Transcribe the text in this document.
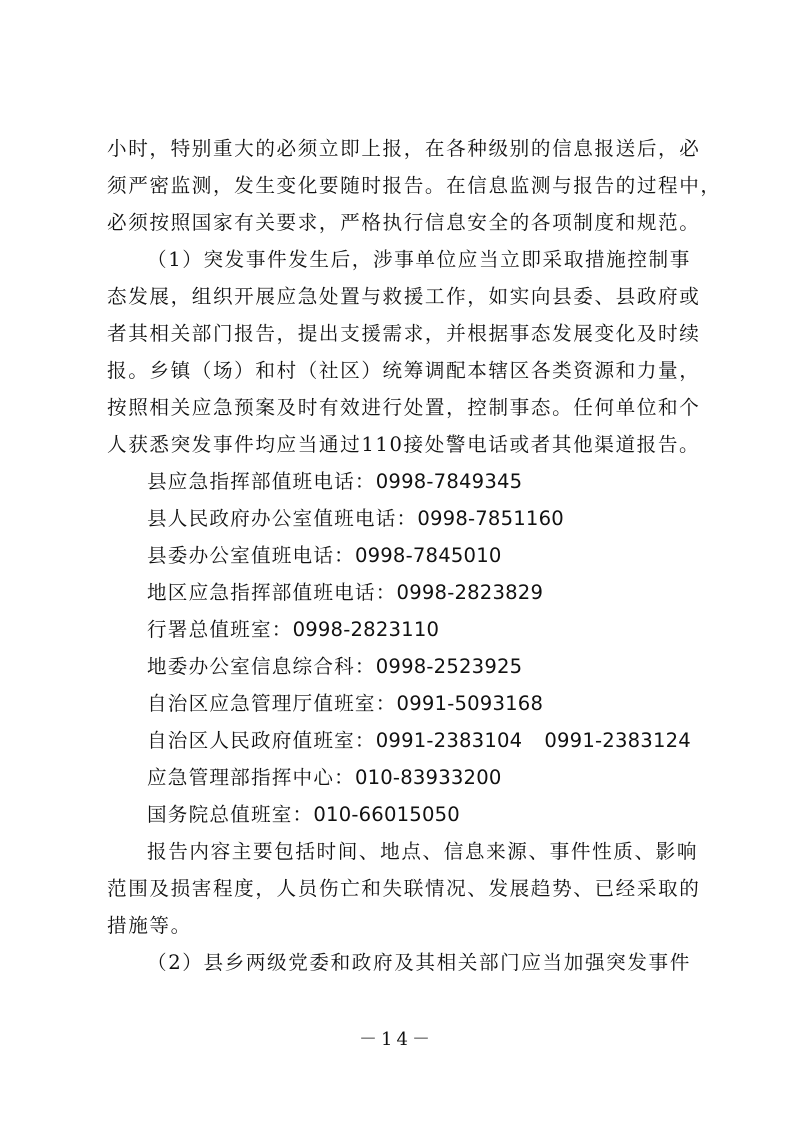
小时，特别重大的必须立即上报，在各种级别的信息报送后，必
须严密监测，发生变化要随时报告。在信息监测与报告的过程中，
必须按照国家有关要求，严格执行信息安全的各项制度和规范。

（1）突发事件发生后，涉事单位应当立即采取措施控制事
态发展，组织开展应急处置与救援工作，如实向县委、县政府或
者其相关部门报告，提出支援需求，并根据事态发展变化及时续
报。乡镇（场）和村（社区）统筹调配本辖区各类资源和力量，
按照相关应急预案及时有效进行处置，控制事态。任何单位和个
人获悉突发事件均应当通过110接处警电话或者其他渠道报告。

县应急指挥部值班电话：0998-7849345

县人民政府办公室值班电话：0998-7851160

县委办公室值班电话：0998-7845010

地区应急指挥部值班电话：0998-2823829

行署总值班室：0998-2823110

地委办公室信息综合科：0998-2523925

自治区应急管理厅值班室：0991-5093168

自治区人民政府值班室：0991-2383104 0991-2383124

应急管理部指挥中心：010-83933200

国务院总值班室：010-66015050

报告内容主要包括时间、地点、信息来源、事件性质、影响
范围及损害程度，人员伤亡和失联情况、发展趋势、已经采取的
措施等。

（2）县乡两级党委和政府及其相关部门应当加强突发事件

－14－
